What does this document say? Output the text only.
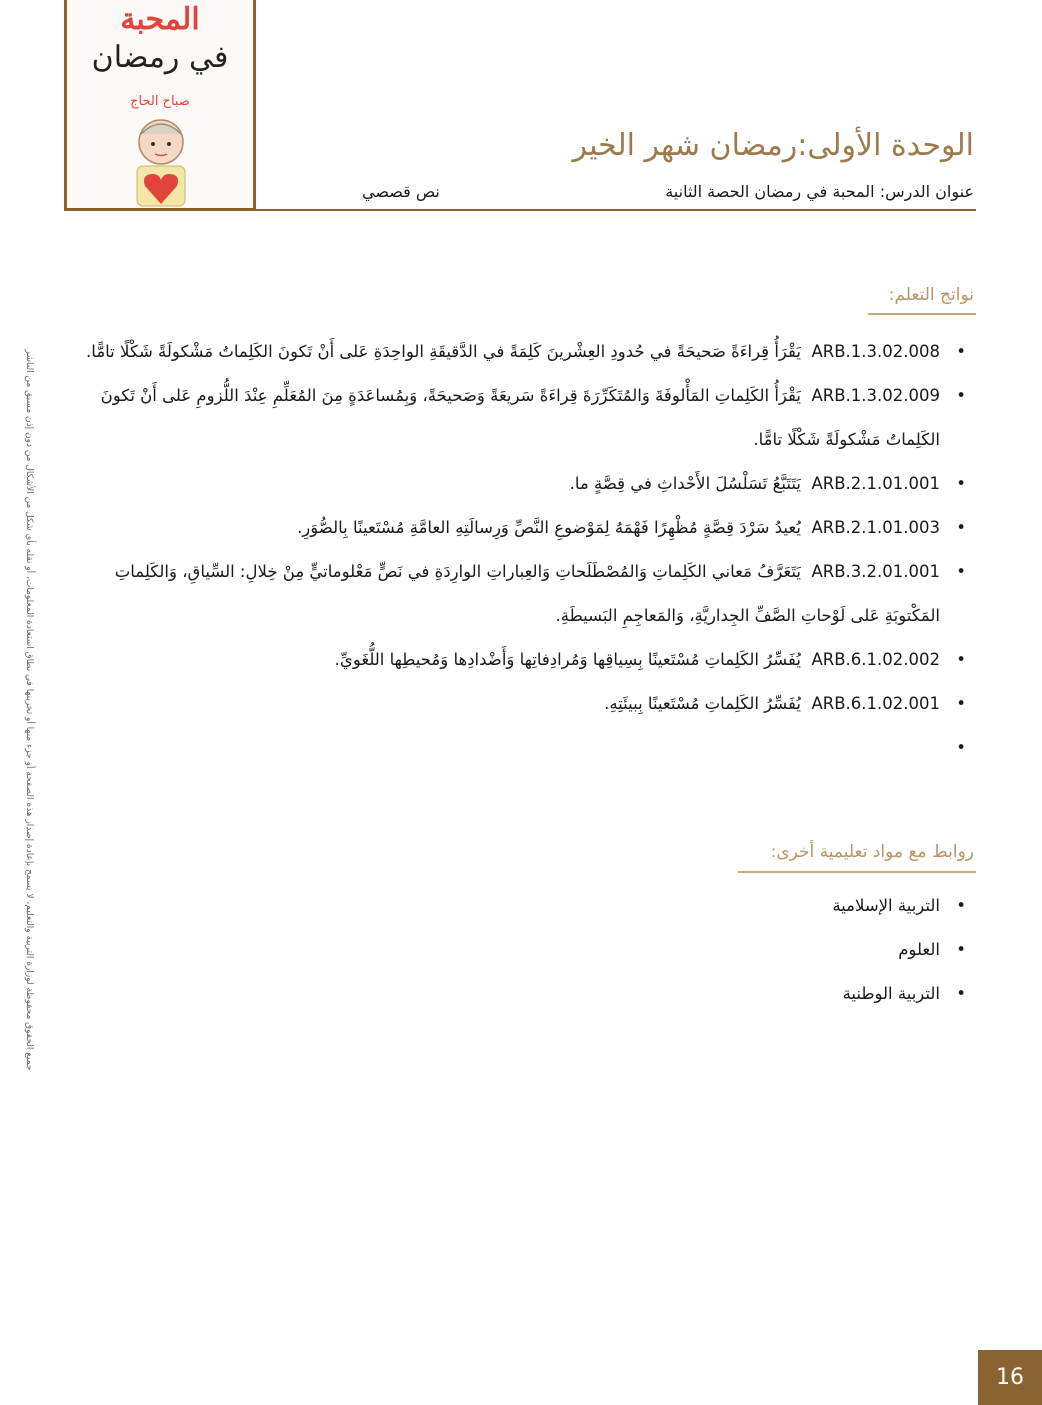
المحبة
في رمضان
صباح الحاج
الوحدة الأولى:رمضان شهر الخير
عنوان الدرس: المحبة في رمضان الحصة الثانية
نص قصصي
نواتج التعلم:
• ARB.1.3.02.008  يَقْرَأُ قِراءَةً صَحيحَةً في حُدودِ العِشْرينَ كَلِمَةً في الدَّقيقَةِ الواحِدَةِ عَلى أَنْ تَكونَ الكَلِماتُ مَشْكولَةً شَكْلًا تامًّا.
• ARB.1.3.02.009  يَقْرَأُ الكَلِماتِ المَأْلوفَةَ وَالمُتَكَرِّرَةَ قِراءَةً سَريعَةً وَصَحيحَةً، وَبِمُساعَدَةٍ مِنَ المُعَلِّمِ عِنْدَ اللُّزومِ عَلى أَنْ تَكونَ الكَلِماتُ مَشْكولَةً شَكْلًا تامًّا.
• ARB.2.1.01.001  يَتَتَبَّعُ تَسَلْسُلَ الأَحْداثِ في قِصَّةٍ ما.
• ARB.2.1.01.003  يُعيدُ سَرْدَ قِصَّةٍ مُظْهِرًا فَهْمَهُ لِمَوْضوعِ النَّصِّ وَرِسالَتِهِ العامَّةِ مُسْتَعينًا بِالصُّوَرِ.
• ARB.3.2.01.001  يَتَعَرَّفُ مَعاني الكَلِماتِ وَالمُصْطَلَحاتِ وَالعِباراتِ الوارِدَةِ في نَصٍّ مَعْلوماتيٍّ مِنْ خِلالِ: السِّياقِ، وَالكَلِماتِ المَكْتوبَةِ عَلى لَوْحاتِ الصَّفِّ الجِداريَّةِ، وَالمَعاجِمِ البَسيطَةِ.
• ARB.6.1.02.002  يُفَسِّرُ الكَلِماتِ مُسْتَعينًا بِسِياقِها وَمُرادِفاتِها وَأَضْدادِها وَمُحيطِها اللُّغَويِّ.
• ARB.6.1.02.001  يُفَسِّرُ الكَلِماتِ مُسْتَعينًا بِبيئَتِهِ.
•
روابط مع مواد تعليمية أخرى:
• التربية الإسلامية
• العلوم
• التربية الوطنية
جميع الحقوق محفوظة لوزارة التربية والتعليم، لا يسمح بإعادة إصدار هذه الصفحة أو جزء منها أو تخزينها في نطاق استعادة المعلومات، أو نقله بأي شكل من الأشكال من دون إذن مسبق من الناشر
16
